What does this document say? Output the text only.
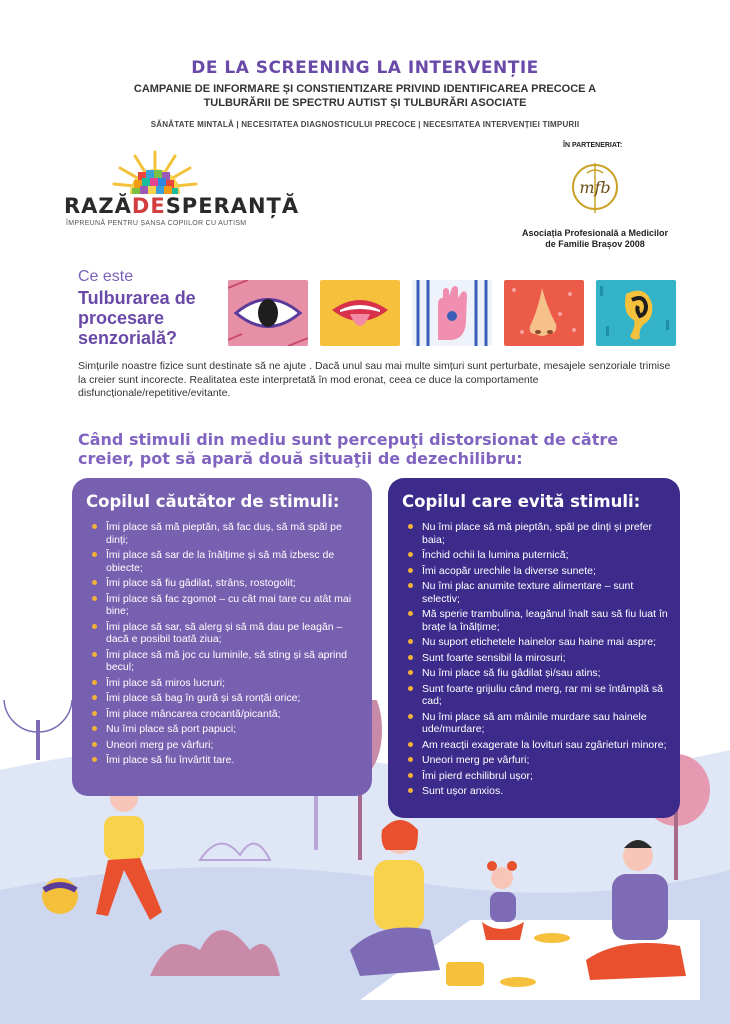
DE LA SCREENING LA INTERVENȚIE
CAMPANIE DE INFORMARE ȘI CONSTIENTIZARE PRIVIND IDENTIFICAREA PRECOCE A
TULBURĂRII DE SPECTRU AUTIST ȘI TULBURĂRI ASOCIATE
SĂNĂTATE MINTALĂ | NECESITATEA DIAGNOSTICULUI PRECOCE | NECESITATEA INTERVENȚIEI TIMPURII
RAZĂDESPERANȚĂ
ÎMPREUNĂ PENTRU ȘANSA COPIILOR CU AUTISM
ÎN PARTENERIAT:
mfb
Asociația Profesională a Medicilor
de Familie Brașov 2008
Ce este
Tulburarea de procesare senzorială?
Simțurile noastre fizice sunt destinate să ne ajute . Dacă unul sau mai multe simțuri sunt perturbate, mesajele senzoriale trimise la creier sunt incorecte. Realitatea este interpretată în mod eronat, ceea ce duce la comportamente disfuncționale/repetitive/evitante.
Când stimuli din mediu sunt percepuţi distorsionat de către creier, pot să apară două situaţii de dezechilibru:
Copilul căutător de stimuli:
Îmi place să mă pieptăn, să fac duș, să mă spăl pe dinți;
Îmi place să sar de la înălțime și să mă izbesc de obiecte;
Îmi place să fiu gâdilat, strâns, rostogolit;
Îmi place să fac zgomot – cu cât mai tare cu atât mai bine;
Îmi place să sar, să alerg și să mă dau pe leagăn – dacă e posibil toată ziua;
Îmi place să mă joc cu luminile, să sting și să aprind becul;
Îmi place să miros lucruri;
Îmi place să bag în gură și să ronțăi orice;
Îmi place mâncarea crocantă/picantă;
Nu îmi place să port papuci;
Uneori merg pe vârfuri;
Îmi place să fiu învârtit tare.
Copilul care evită stimuli:
Nu îmi place să mă pieptăn, spăl pe dinți și prefer baia;
Închid ochii la lumina puternică;
Îmi acopăr urechile la diverse sunete;
Nu îmi plac anumite texture alimentare – sunt selectiv;
Mă sperie trambulina, leagănul înalt sau să fiu luat în brațe la înălțime;
Nu suport etichetele hainelor sau haine mai aspre;
Sunt foarte sensibil la mirosuri;
Nu îmi place să fiu gâdilat și/sau atins;
Sunt foarte grijuliu când merg, rar mi se întâmplă să cad;
Nu îmi place să am mâinile murdare sau hainele ude/murdare;
Am reacții exagerate la lovituri sau zgârieturi minore;
Uneori merg pe vârfuri;
Îmi pierd echilibrul ușor;
Sunt ușor anxios.
